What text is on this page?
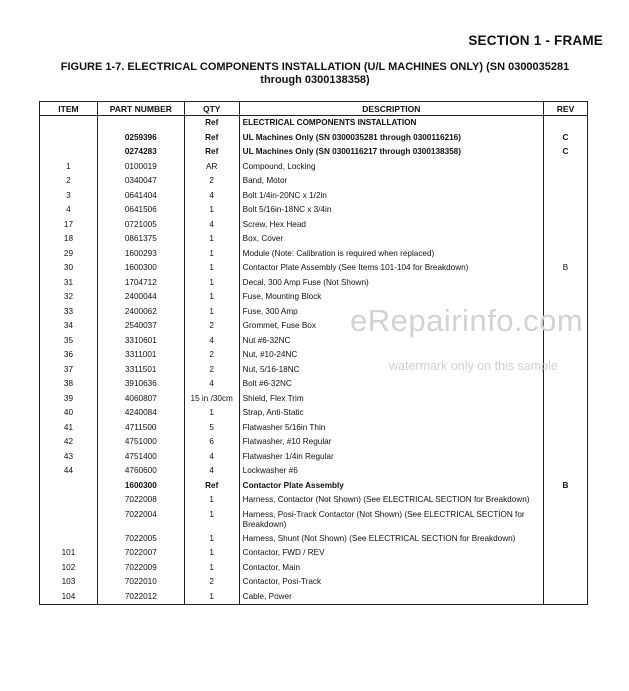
SECTION 1 - FRAME
FIGURE 1-7. ELECTRICAL COMPONENTS INSTALLATION (U/L MACHINES ONLY) (SN 0300035281
through 0300138358)
ITEM	PART NUMBER	QTY	DESCRIPTION	REV
		Ref	ELECTRICAL COMPONENTS INSTALLATION	
	0259396	Ref	UL Machines Only (SN 0300035281 through 0300116216)	C
	0274283	Ref	UL Machines Only (SN 0300116217 through 0300138358)	C
1	0100019	AR	Compound, Locking	
2	0340047	2	Band, Motor	
3	0641404	4	Bolt 1/4in-20NC x 1/2in	
4	0641506	1	Bolt 5/16in-18NC x 3/4in	
17	0721005	4	Screw, Hex Head	
18	0861375	1	Box, Cover	
29	1600293	1	Module (Note: Calibration is required when replaced)	
30	1600300	1	Contactor Plate Assembly (See Items 101-104 for Breakdown)	B
31	1704712	1	Decal, 300 Amp Fuse (Not Shown)	
32	2400044	1	Fuse, Mounting Block	
33	2400062	1	Fuse, 300 Amp	
34	2540037	2	Grommet, Fuse Box	
35	3310601	4	Nut #6-32NC	
36	3311001	2	Nut, #10-24NC	
37	3311501	2	Nut, 5/16-18NC	
38	3910636	4	Bolt #6-32NC	
39	4060807	15 in /30cm	Shield, Flex Trim	
40	4240084	1	Strap, Anti-Static	
41	4711500	5	Flatwasher 5/16in Thin	
42	4751000	6	Flatwasher, #10 Regular	
43	4751400	4	Flatwasher 1/4in Regular	
44	4760600	4	Lockwasher #6	
	1600300	Ref	Contactor Plate Assembly	B
	7022008	1	Harness, Contactor (Not Shown) (See ELECTRICAL SECTION for Breakdown)	
	7022004	1	Harness, Posi-Track Contactor (Not Shown) (See ELECTRICAL SECTION for Breakdown)	
	7022005	1	Harness, Shunt (Not Shown) (See ELECTRICAL SECTION for Breakdown)	
101	7022007	1	Contactor, FWD / REV	
102	7022009	1	Contactor, Main	
103	7022010	2	Contactor, Posi-Track	
104	7022012	1	Cable, Power	
eRepairinfo.com
watermark only on this sample
